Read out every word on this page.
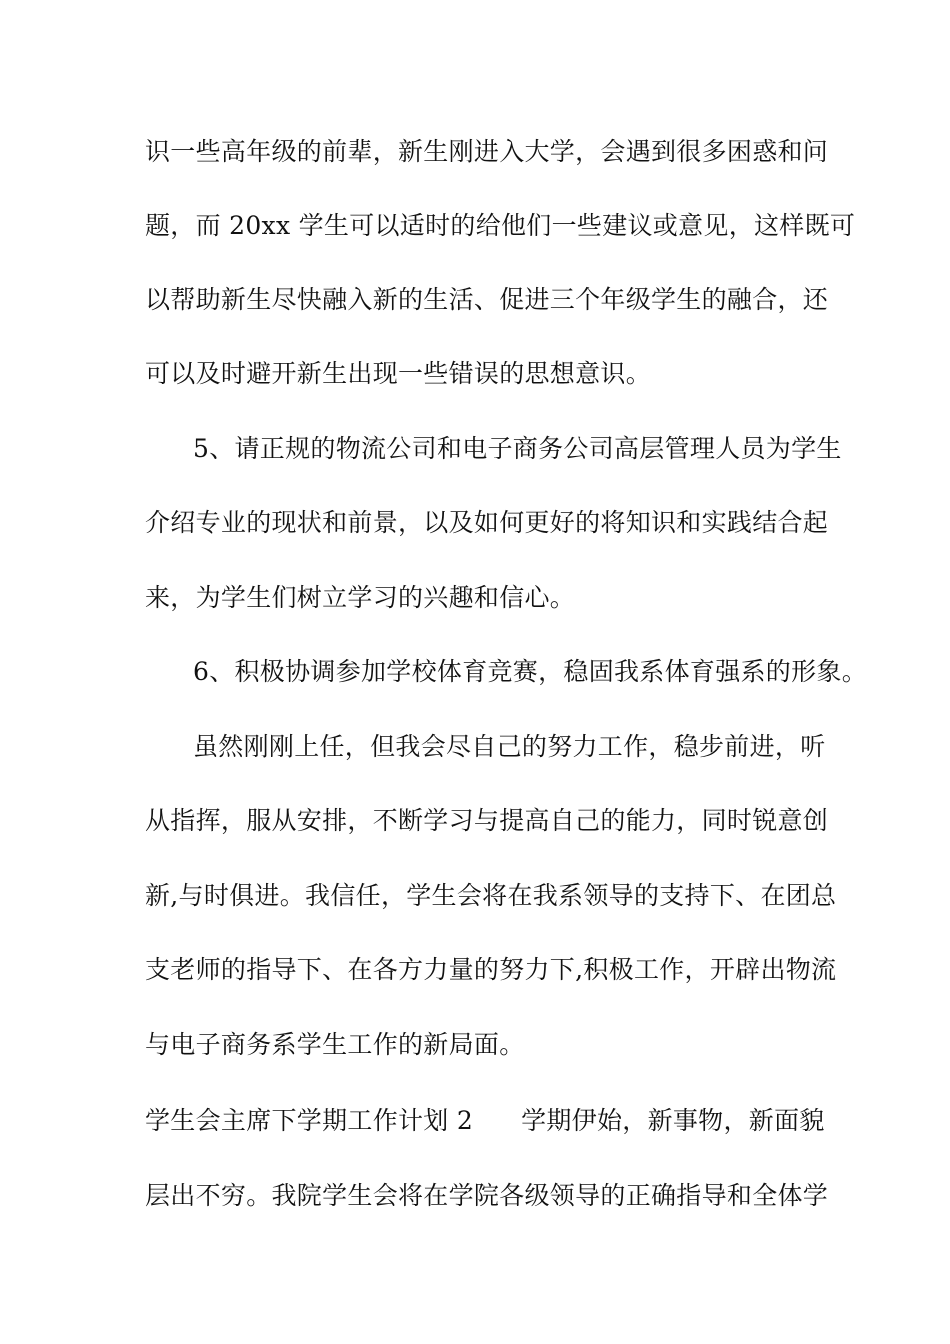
识一些高年级的前辈，新生刚进入大学，会遇到很多困惑和问
题，而 20xx 学生可以适时的给他们一些建议或意见，这样既可
以帮助新生尽快融入新的生活、促进三个年级学生的融合，还
可以及时避开新生出现一些错误的思想意识。
5、请正规的物流公司和电子商务公司高层管理人员为学生
介绍专业的现状和前景，以及如何更好的将知识和实践结合起
来，为学生们树立学习的兴趣和信心。
6、积极协调参加学校体育竞赛，稳固我系体育强系的形象。
虽然刚刚上任，但我会尽自己的努力工作，稳步前进，听
从指挥，服从安排，不断学习与提高自己的能力，同时锐意创
新,与时俱进。我信任，学生会将在我系领导的支持下、在团总
支老师的指导下、在各方力量的努力下,积极工作，开辟出物流
与电子商务系学生工作的新局面。
学生会主席下学期工作计划 2 学期伊始，新事物，新面貌
层出不穷。我院学生会将在学院各级领导的正确指导和全体学
